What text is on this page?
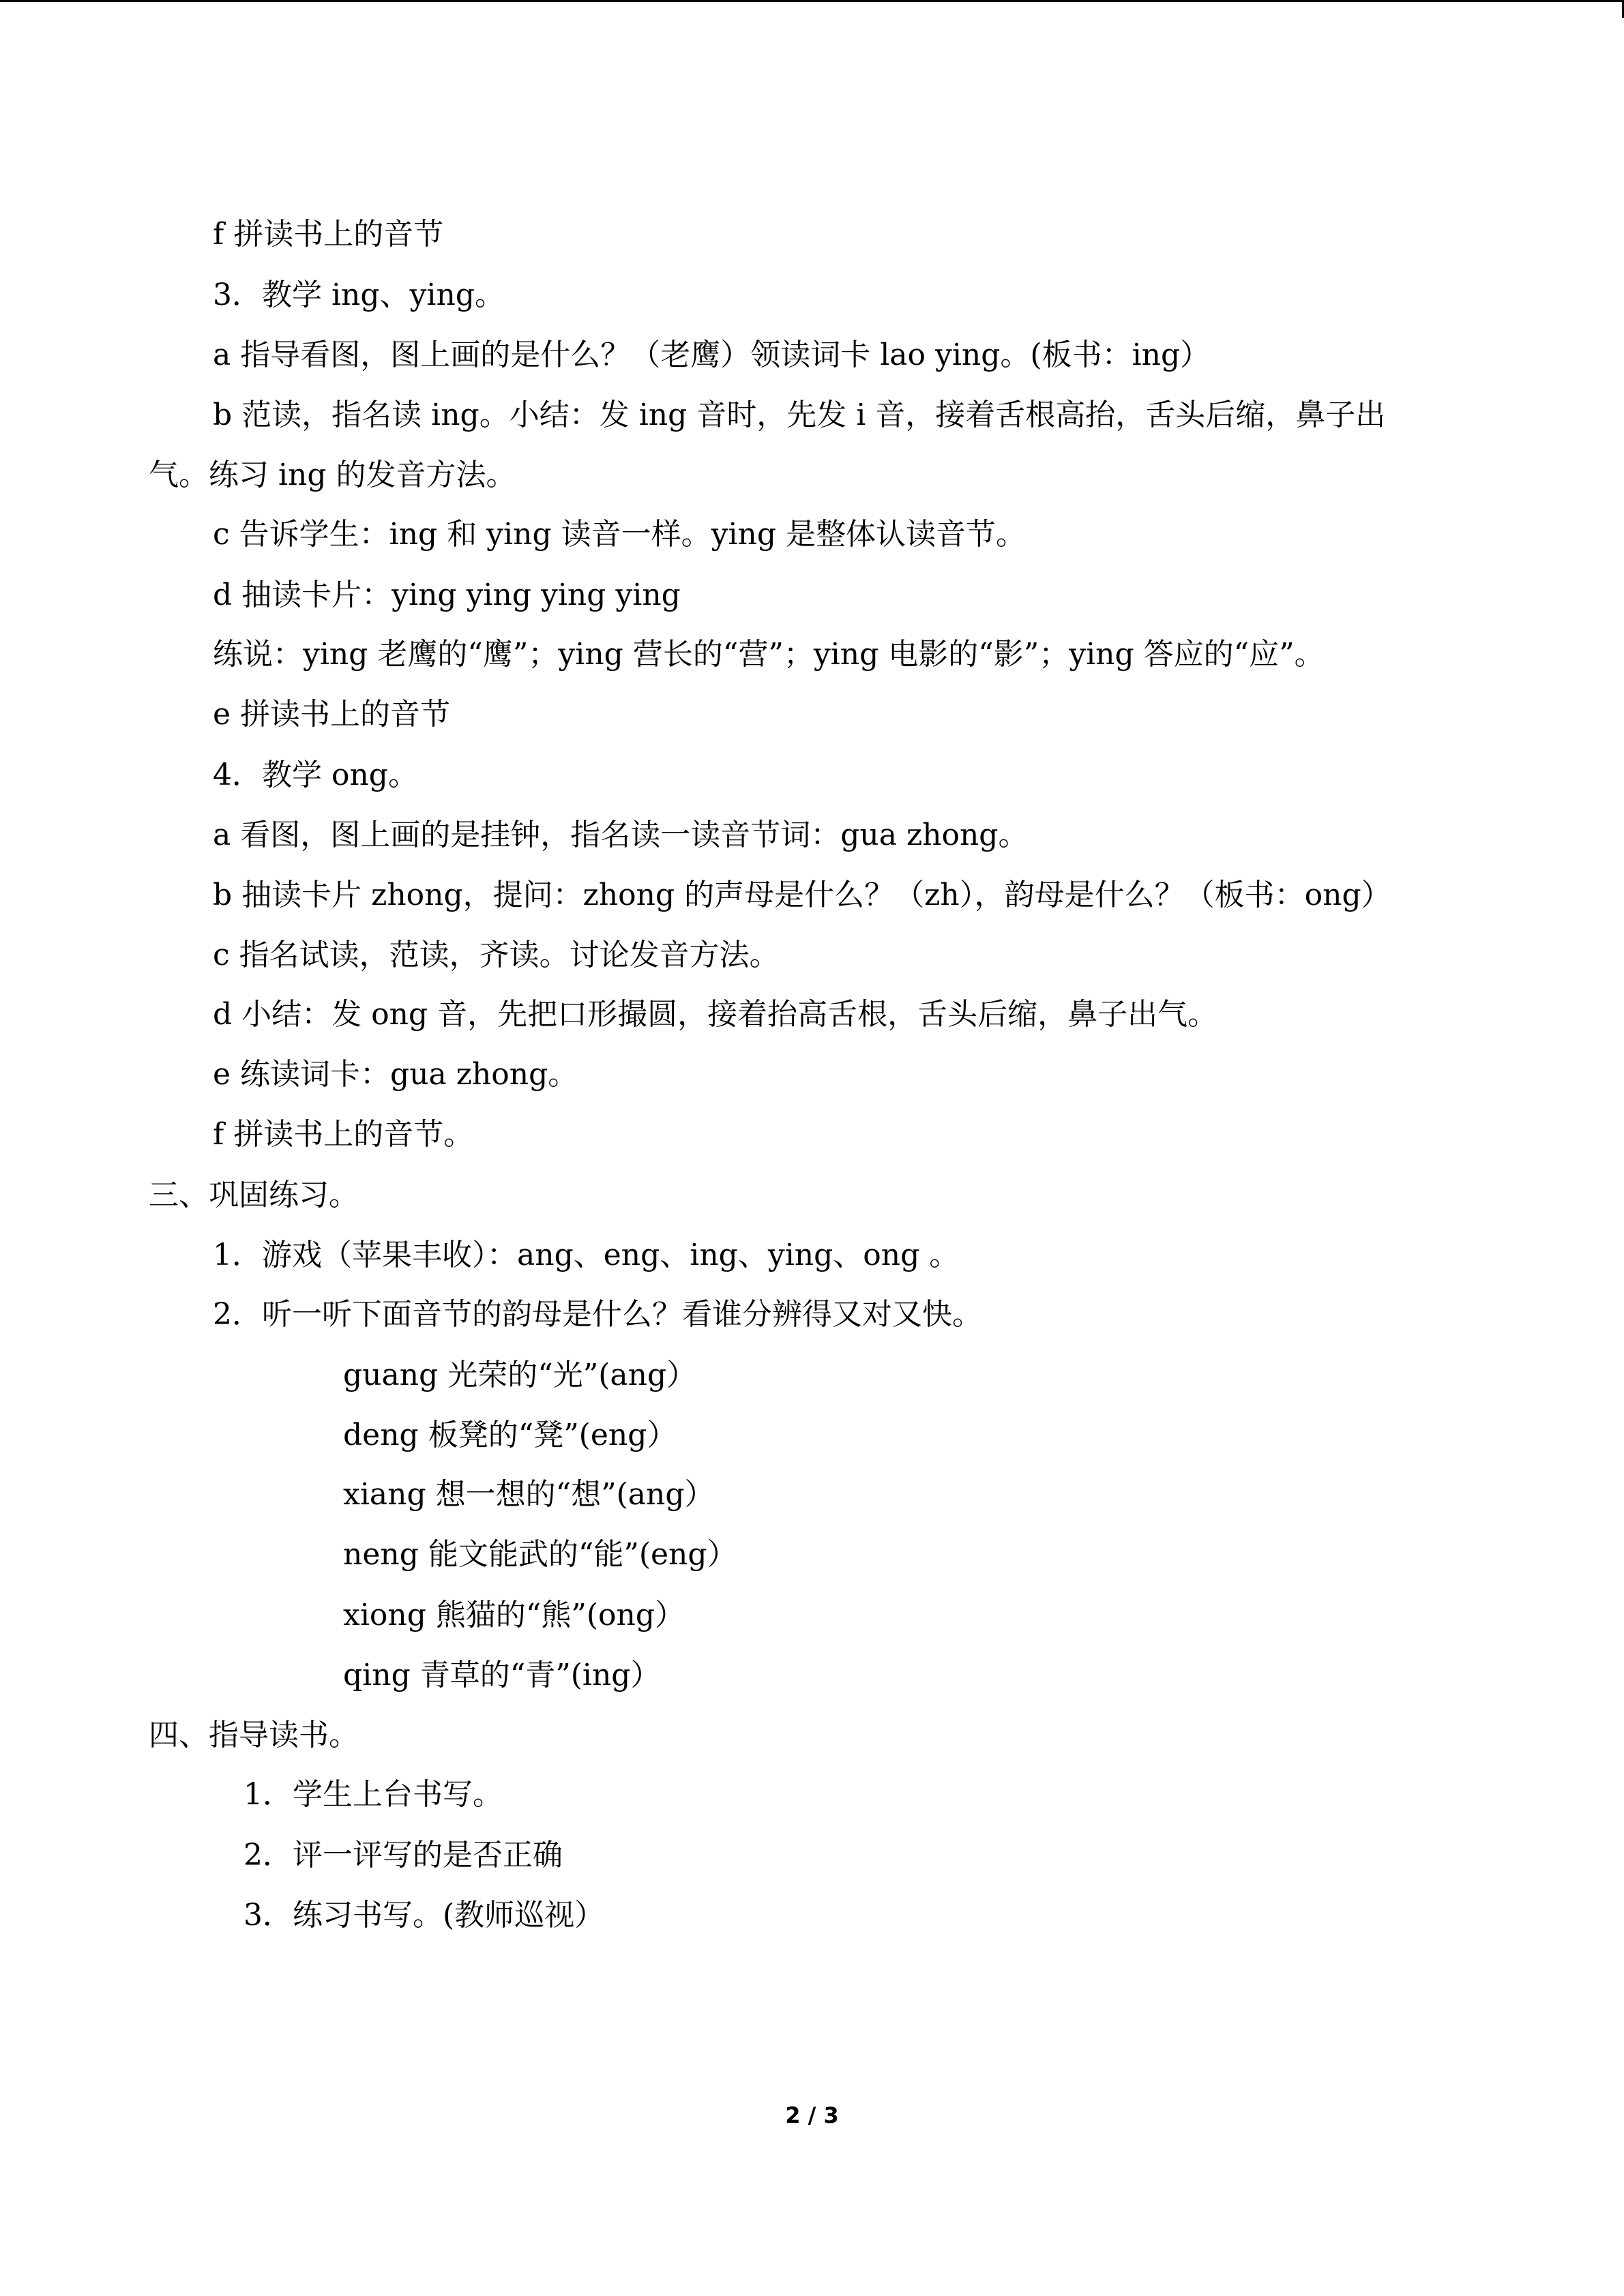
f 拼读书上的音节

3．教学 ing、ying。

a 指导看图，图上画的是什么？（老鹰）领读词卡 lao ying。(板书：ing）

b 范读，指名读 ing。小结：发 ing 音时，先发 i 音，接着舌根高抬，舌头后缩，鼻子出

气。练习 ing 的发音方法。

c 告诉学生：ing 和 ying 读音一样。ying 是整体认读音节。

d 抽读卡片：ying ying ying ying

练说：ying 老鹰的“鹰”；ying 营长的“营”；ying 电影的“影”；ying 答应的“应”。

e 拼读书上的音节

4．教学 ong。

a 看图，图上画的是挂钟，指名读一读音节词：gua zhong。

b 抽读卡片 zhong，提问：zhong 的声母是什么？（zh），韵母是什么？（板书：ong）

c 指名试读，范读，齐读。讨论发音方法。

d 小结：发 ong 音，先把口形撮圆，接着抬高舌根，舌头后缩，鼻子出气。

e 练读词卡：gua zhong。

f 拼读书上的音节。

三、巩固练习。

1．游戏（苹果丰收）：ang、eng、ing、ying、ong 。

2．听一听下面音节的韵母是什么？看谁分辨得又对又快。

guang 光荣的“光”(ang）

deng 板凳的“凳”(eng）

xiang 想一想的“想”(ang）

neng 能文能武的“能”(eng）

xiong 熊猫的“熊”(ong）

qing 青草的“青”(ing）

四、指导读书。

1．学生上台书写。

2．评一评写的是否正确

3．练习书写。(教师巡视）

2 / 3
